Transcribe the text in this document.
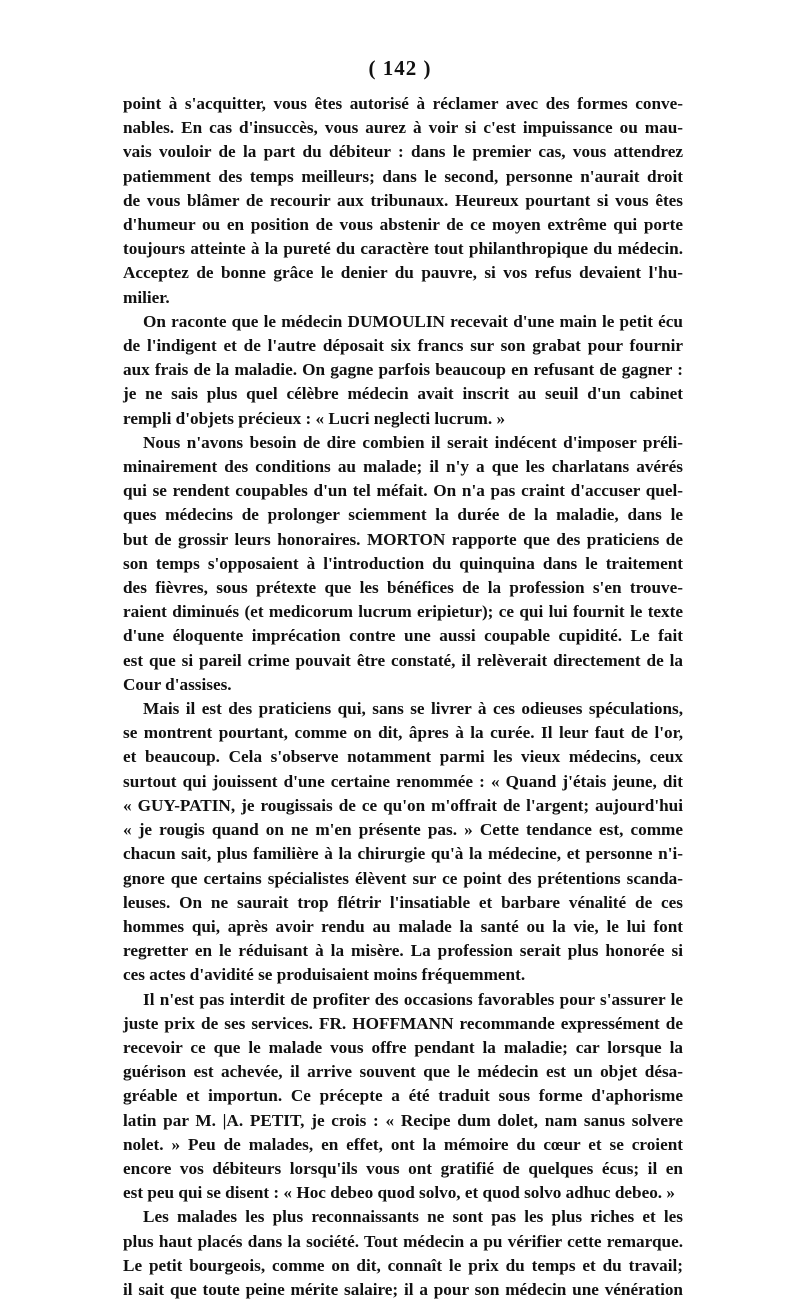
( 142 )

point à s'acquitter, vous êtes autorisé à réclamer avec des formes conve-
nables. En cas d'insuccès, vous aurez à voir si c'est impuissance ou mau-
vais vouloir de la part du débiteur : dans le premier cas, vous attendrez
patiemment des temps meilleurs; dans le second, personne n'aurait droit
de vous blâmer de recourir aux tribunaux. Heureux pourtant si vous êtes
d'humeur ou en position de vous abstenir de ce moyen extrême qui porte
toujours atteinte à la pureté du caractère tout philanthropique du médecin.
Acceptez de bonne grâce le denier du pauvre, si vos refus devaient l'hu-
milier.

On raconte que le médecin DUMOULIN recevait d'une main le petit écu
de l'indigent et de l'autre déposait six francs sur son grabat pour fournir
aux frais de la maladie. On gagne parfois beaucoup en refusant de gagner :
je ne sais plus quel célèbre médecin avait inscrit au seuil d'un cabinet
rempli d'objets précieux : « Lucri neglecti lucrum. »

Nous n'avons besoin de dire combien il serait indécent d'imposer préli-
minairement des conditions au malade; il n'y a que les charlatans avérés
qui se rendent coupables d'un tel méfait. On n'a pas craint d'accuser quel-
ques médecins de prolonger sciemment la durée de la maladie, dans le
but de grossir leurs honoraires. MORTON rapporte que des praticiens de
son temps s'opposaient à l'introduction du quinquina dans le traitement
des fièvres, sous prétexte que les bénéfices de la profession s'en trouve-
raient diminués (et medicorum lucrum eripietur); ce qui lui fournit le texte
d'une éloquente imprécation contre une aussi coupable cupidité. Le fait
est que si pareil crime pouvait être constaté, il relèverait directement de la
Cour d'assises.

Mais il est des praticiens qui, sans se livrer à ces odieuses spéculations,
se montrent pourtant, comme on dit, âpres à la curée. Il leur faut de l'or,
et beaucoup. Cela s'observe notamment parmi les vieux médecins, ceux
surtout qui jouissent d'une certaine renommée : « Quand j'étais jeune, dit
« GUY-PATIN, je rougissais de ce qu'on m'offrait de l'argent; aujourd'hui
« je rougis quand on ne m'en présente pas. » Cette tendance est, comme
chacun sait, plus familière à la chirurgie qu'à la médecine, et personne n'i-
gnore que certains spécialistes élèvent sur ce point des prétentions scanda-
leuses. On ne saurait trop flétrir l'insatiable et barbare vénalité de ces
hommes qui, après avoir rendu au malade la santé ou la vie, le lui font
regretter en le réduisant à la misère. La profession serait plus honorée si
ces actes d'avidité se produisaient moins fréquemment.

Il n'est pas interdit de profiter des occasions favorables pour s'assurer le
juste prix de ses services. FR. HOFFMANN recommande expressément de
recevoir ce que le malade vous offre pendant la maladie; car lorsque la
guérison est achevée, il arrive souvent que le médecin est un objet désa-
gréable et importun. Ce précepte a été traduit sous forme d'aphorisme
latin par M. |A. PETIT, je crois : « Recipe dum dolet, nam sanus solvere
nolet. » Peu de malades, en effet, ont la mémoire du cœur et se croient
encore vos débiteurs lorsqu'ils vous ont gratifié de quelques écus; il en
est peu qui se disent : « Hoc debeo quod solvo, et quod solvo adhuc debeo. »

Les malades les plus reconnaissants ne sont pas les plus riches et les
plus haut placés dans la société. Tout médecin a pu vérifier cette remarque.
Le petit bourgeois, comme on dit, connaît le prix du temps et du travail;
il sait que toute peine mérite salaire; il a pour son médecin une vénération
